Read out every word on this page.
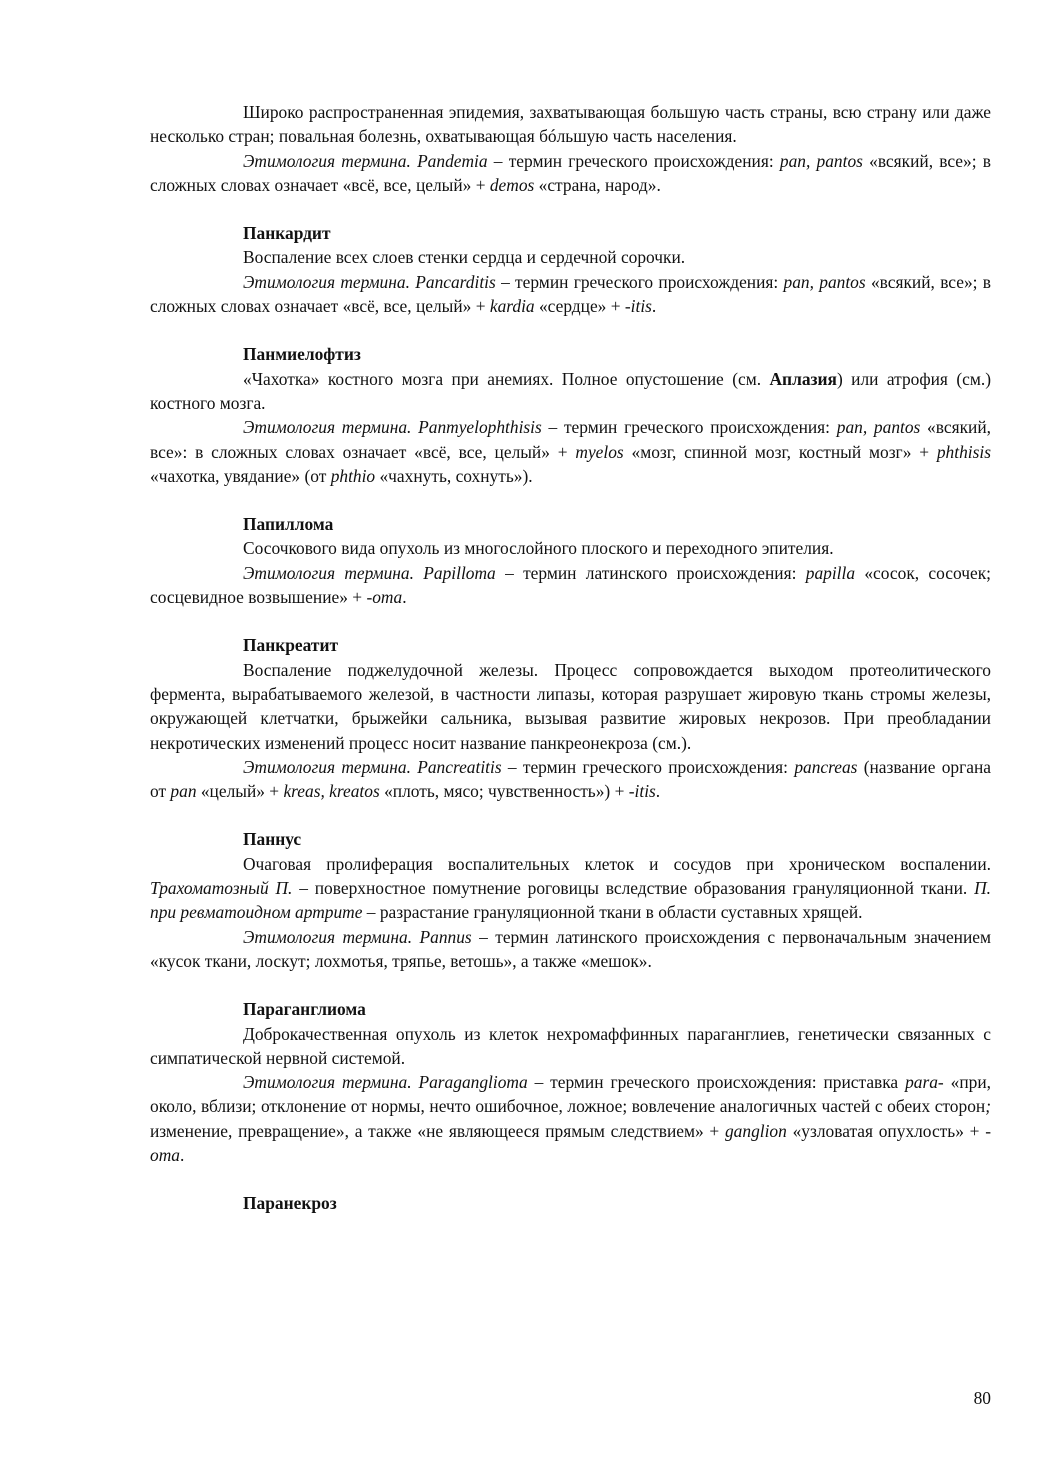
Широко распространенная эпидемия, захватывающая большую часть страны, всю страну или даже несколько стран; повальная болезнь, охватывающая бóльшую часть населения.

Этимология термина. Pandemia – термин греческого происхождения: pan, pantos «всякий, все»; в сложных словах означает «всё, все, целый» + demos «страна, народ».

Панкардит

Воспаление всех слоев стенки сердца и сердечной сорочки.

Этимология термина. Pancarditis – термин греческого происхождения: pan, pantos «всякий, все»; в сложных словах означает «всё, все, целый» + kardia «сердце» + -itis.

Панмиелофтиз

«Чахотка» костного мозга при анемиях. Полное опустошение (см. Аплазия) или атрофия (см.) костного мозга.

Этимология термина. Panmyelophthisis – термин греческого происхождения: pan, pantos «всякий, все»: в сложных словах означает «всё, все, целый» + myelos «мозг, спинной мозг, костный мозг» + phthisis «чахотка, увядание» (от phthio «чахнуть, сохнуть»).

Папиллома

Сосочкового вида опухоль из многослойного плоского и переходного эпителия.

Этимология термина. Papilloma – термин латинского происхождения: papilla «сосок, сосочек; сосцевидное возвышение» + -oma.

Панкреатит

Воспаление поджелудочной железы. Процесс сопровождается выходом протеолитического фермента, вырабатываемого железой, в частности липазы, которая разрушает жировую ткань стромы железы, окружающей клетчатки, брыжейки сальника, вызывая развитие жировых некрозов. При преобладании некротических изменений процесс носит название панкреонекроза (см.).

Этимология термина. Pancreatitis – термин греческого происхождения: pancreas (название органа от pan «целый» + kreas, kreatos «плоть, мясо; чувственность») + -itis.

Паннус

Очаговая пролиферация воспалительных клеток и сосудов при хроническом воспалении. Трахоматозный П. – поверхностное помутнение роговицы вследствие образования грануляционной ткани. П. при ревматоидном артрите – разрастание грануляционной ткани в области суставных хрящей.

Этимология термина. Pannus – термин латинского происхождения с первоначальным значением «кусок ткани, лоскут; лохмотья, тряпье, ветошь», а также «мешок».

Параганглиома

Доброкачественная опухоль из клеток нехромаффинных параганглиев, генетически связанных с симпатической нервной системой.

Этимология термина. Paraganglioma – термин греческого происхождения: приставка para- «при, около, вблизи; отклонение от нормы, нечто ошибочное, ложное; вовлечение аналогичных частей с обеих сторон; изменение, превращение», а также «не являющееся прямым следствием» + ganglion «узловатая опухлость» + -oma.

Паранекроз

80
